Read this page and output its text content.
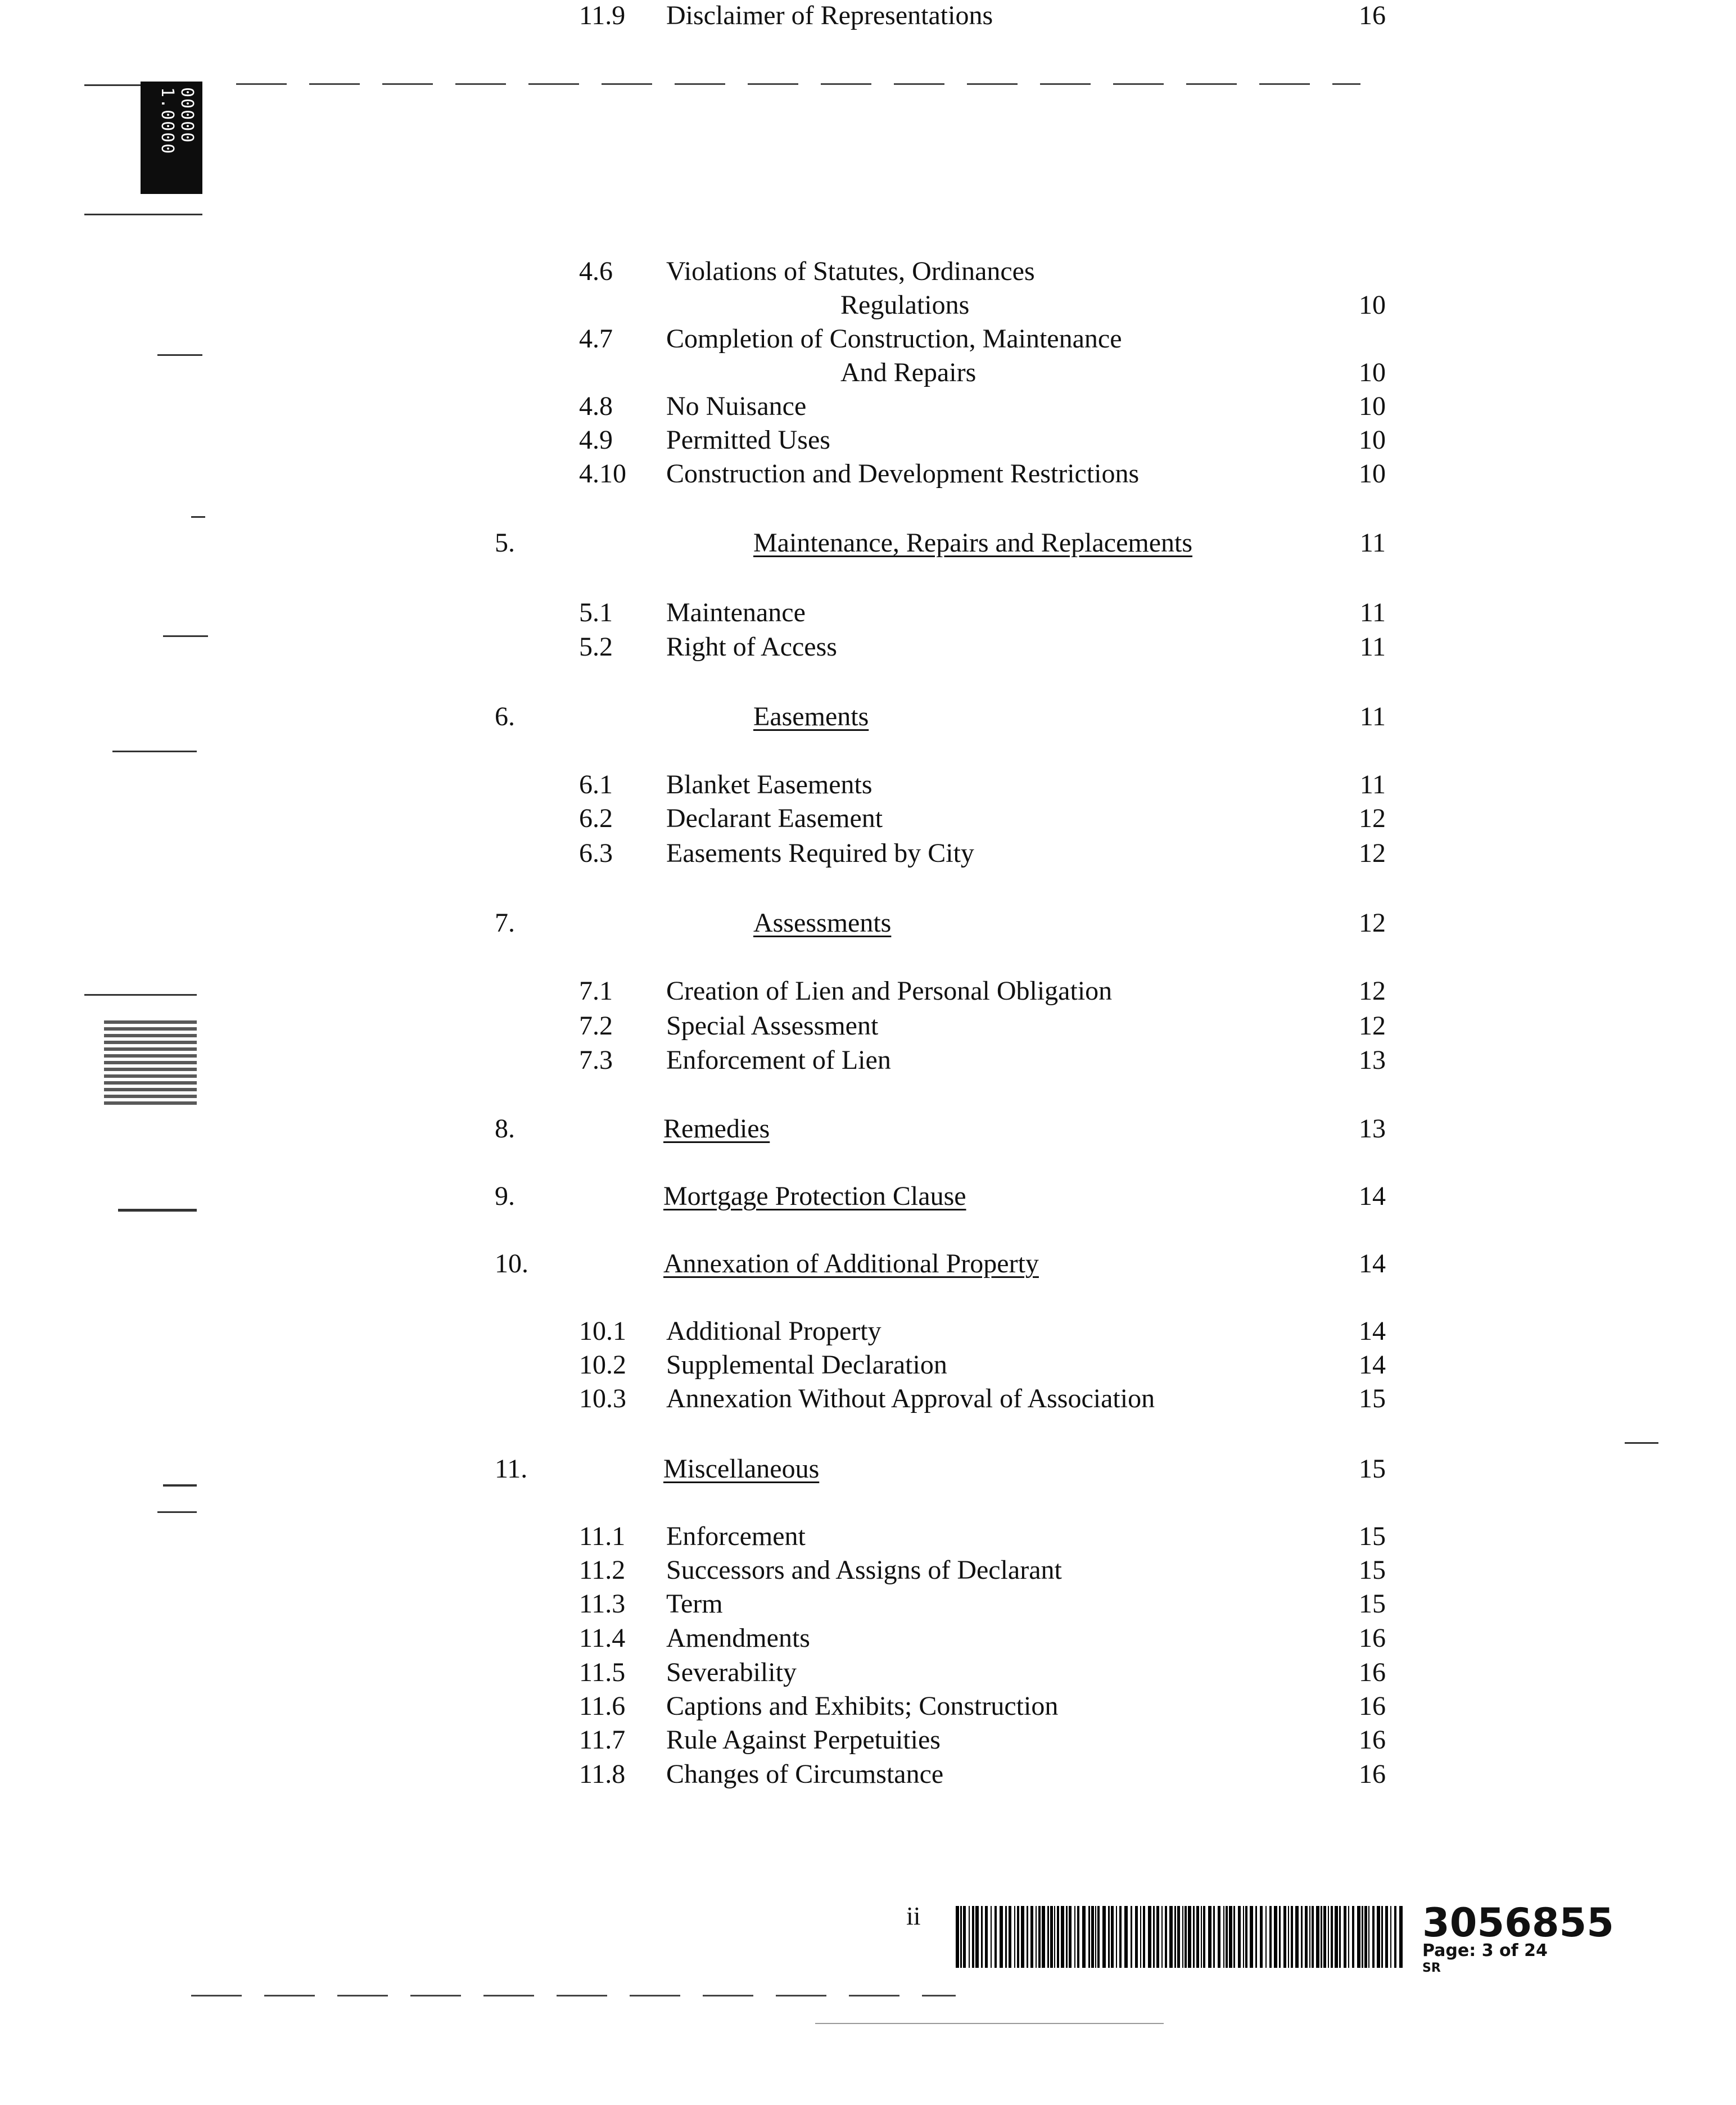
00000 1.0000
4.6 Violations of Statutes, Ordinances
Regulations	10
4.7 Completion of Construction, Maintenance
And Repairs	10
4.8 No Nuisance	10
4.9 Permitted Uses	10
4.10 Construction and Development Restrictions	10
5.	Maintenance, Repairs and Replacements	11
5.1 Maintenance	11
5.2 Right of Access	11
6.	Easements	11
6.1 Blanket Easements	11
6.2 Declarant Easement	12
6.3 Easements Required by City	12
7.	Assessments	12
7.1 Creation of Lien and Personal Obligation	12
7.2 Special Assessment	12
7.3 Enforcement of Lien	13
8.	Remedies	13
9.	Mortgage Protection Clause	14
10.	Annexation of Additional Property	14
10.1 Additional Property	14
10.2 Supplemental Declaration	14
10.3 Annexation Without Approval of Association	15
11.	Miscellaneous	15
11.1 Enforcement	15
11.2 Successors and Assigns of Declarant	15
11.3 Term	15
11.4 Amendments	16
11.5 Severability	16
11.6 Captions and Exhibits; Construction	16
11.7 Rule Against Perpetuities	16
11.8 Changes of Circumstance	16
11.9 Disclaimer of Representations	16
ii	3056855
Page: 3 of 24
SR
